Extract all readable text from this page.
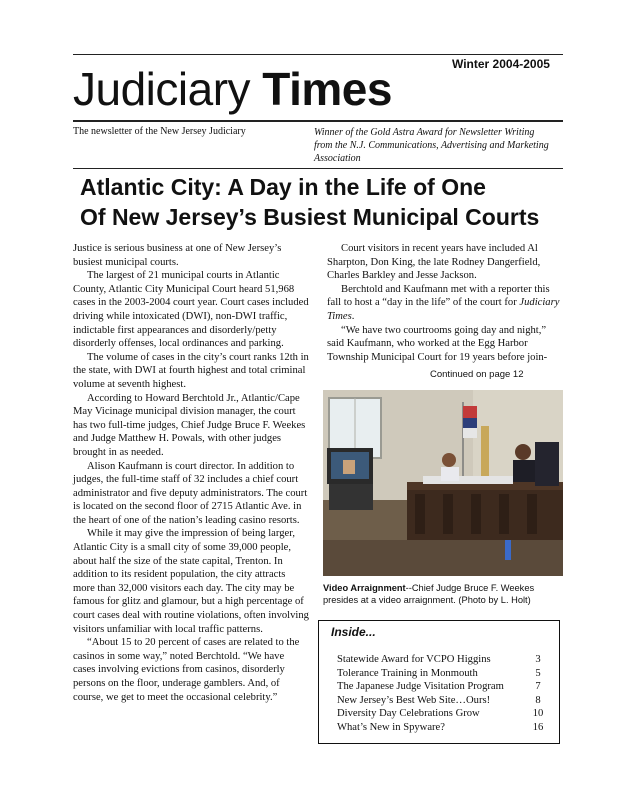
Winter 2004-2005
Judiciary Times
The newsletter of the New Jersey Judiciary	Winner of the Gold Astra Award for Newsletter Writing from the N.J. Communications, Advertising and Marketing Association
Atlantic City: A Day in the Life of One
Of New Jersey’s Busiest Municipal Courts

Justice is serious business at one of New Jersey’s busiest municipal courts.

The largest of 21 municipal courts in Atlantic County, Atlantic City Municipal Court heard 51,968 cases in the 2003-2004 court year. Court cases included driving while intoxicated (DWI), non-DWI traffic, indictable first appearances and disorderly/petty disorderly offenses, local ordinances and parking.

The volume of cases in the city’s court ranks 12th in the state, with DWI at fourth highest and total criminal volume at seventh highest.

According to Howard Berchtold Jr., Atlantic/Cape May Vicinage municipal division manager, the court has two full-time judges, Chief Judge Bruce F. Weekes and Judge Matthew H. Powals, with other judges brought in as needed.

Alison Kaufmann is court director. In addition to judges, the full-time staff of 32 includes a chief court administrator and five deputy administrators. The court is located on the second floor of 2715 Atlantic Ave. in the heart of one of the nation’s leading casino resorts.

While it may give the impression of being larger, Atlantic City is a small city of some 39,000 people, about half the size of the state capital, Trenton. In addition to its resident population, the city attracts more than 32,000 visitors each day. The city may be famous for glitz and glamour, but a high percentage of court cases deal with routine violations, often involving visitors unfamiliar with local traffic patterns.

“About 15 to 20 percent of cases are related to the casinos in some way,” noted Berchtold. “We have cases involving evictions from casinos, disorderly persons on the floor, underage gamblers. And, of course, we get to meet the occasional celebrity.”

Court visitors in recent years have included Al Sharpton, Don King, the late Rodney Dangerfield, Charles Barkley and Jesse Jackson.

Berchtold and Kaufmann met with a reporter this fall to host a “day in the life” of the court for Judiciary Times.

“We have two courtrooms going day and night,” said Kaufmann, who worked at the Egg Harbor Township Municipal Court for 19 years before join-

Continued on page 12
Video Arraignment--Chief Judge Bruce F. Weekes presides at a video arraignment. (Photo by L. Holt)
Inside...
Statewide Award for VCPO Higgins	3
Tolerance Training in Monmouth	5
The Japanese Judge Visitation Program	7
New Jersey’s Best Web Site…Ours!	8
Diversity Day Celebrations Grow	10
What’s New in Spyware?	16
